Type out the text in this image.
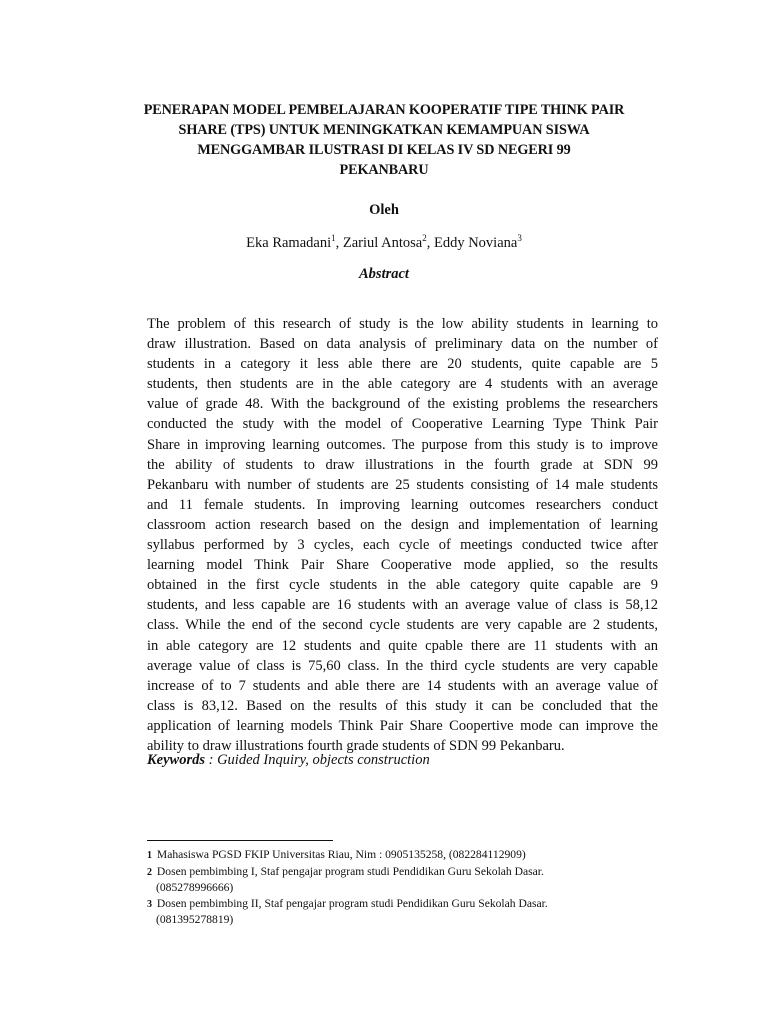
PENERAPAN MODEL PEMBELAJARAN KOOPERATIF TIPE THINK PAIR
SHARE (TPS) UNTUK MENINGKATKAN KEMAMPUAN SISWA
MENGGAMBAR ILUSTRASI DI KELAS IV SD NEGERI 99
PEKANBARU
Oleh
Eka Ramadani$^1$, Zariul Antosa$^2$, Eddy Noviana$^3$
Abstract
The problem of this research of study is the low ability students in learning to
draw illustration. Based on data analysis of preliminary data on the number of
students in a category it less able there are 20 students, quite capable are 5
students, then students are in the able category are 4 students with an average
value of grade 48. With the background of the existing problems the researchers
conducted the study with the model of Cooperative Learning Type Think Pair
Share in improving learning outcomes. The purpose from this study is to improve
the ability of students to draw illustrations in the fourth grade at SDN 99
Pekanbaru with number of students are 25 students consisting of 14 male students
and 11 female students. In improving learning outcomes researchers conduct
classroom action research based on the design and implementation of learning
syllabus performed by 3 cycles, each cycle of meetings conducted twice after
learning model Think Pair Share Cooperative mode applied, so the results
obtained in the first cycle students in the able category quite capable are 9
students, and less capable are 16 students with an average value of class is 58,12
class. While the end of the second cycle students are very capable are 2 students,
in able category are 12 students and quite cpable there are 11 students with an
average value of class is 75,60 class. In the third cycle students are very capable
increase of to 7 students and able there are 14 students with an average value of
class is 83,12. Based on the results of this study it can be concluded that the
application of learning models Think Pair Share Coopertive mode can improve the
ability to draw illustrations fourth grade students of SDN 99 Pekanbaru.
Keywords : Guided Inquiry, objects construction
1 Mahasiswa PGSD FKIP Universitas Riau, Nim : 0905135258, (082284112909)
2 Dosen pembimbing I, Staf pengajar program studi Pendidikan Guru Sekolah Dasar.
(085278996666)
3 Dosen pembimbing II, Staf pengajar program studi Pendidikan Guru Sekolah Dasar.
(081395278819)
